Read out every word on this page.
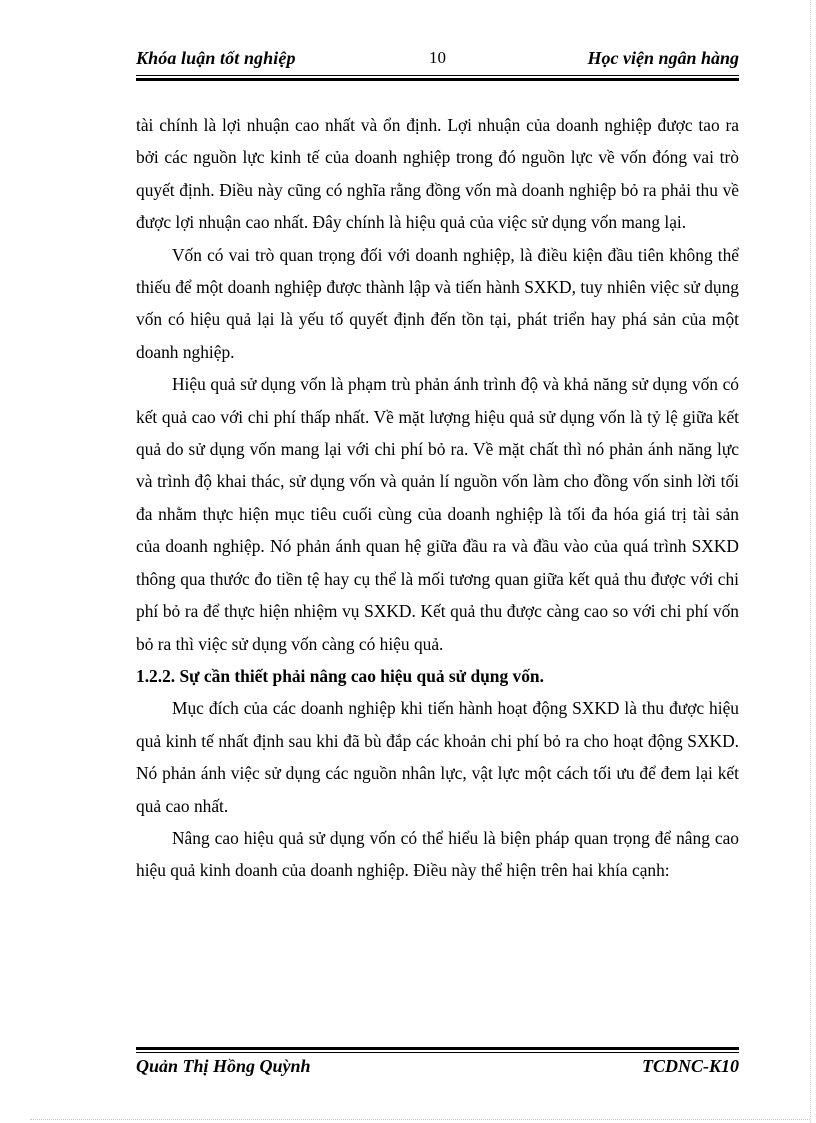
Khóa luận tốt nghiệp	10	Học viện ngân hàng

tài chính là lợi nhuận cao nhất và ổn định. Lợi nhuận của doanh nghiệp được tao ra bởi các nguồn lực kinh tế của doanh nghiệp trong đó nguồn lực về vốn đóng vai trò quyết định. Điều này cũng có nghĩa rằng đồng vốn mà doanh nghiệp bỏ ra phải thu về được lợi nhuận cao nhất. Đây chính là hiệu quả của việc sử dụng vốn mang lại.

Vốn có vai trò quan trọng đối với doanh nghiệp, là điều kiện đầu tiên không thể thiếu để một doanh nghiệp được thành lập và tiến hành SXKD, tuy nhiên việc sử dụng vốn có hiệu quả lại là yếu tố quyết định đến tồn tại, phát triển hay phá sản của một doanh nghiệp.

Hiệu quả sử dụng vốn là phạm trù phản ánh trình độ và khả năng sử dụng vốn có kết quả cao với chi phí thấp nhất. Về mặt lượng hiệu quả sử dụng vốn là tỷ lệ giữa kết quả do sử dụng vốn mang lại với chi phí bỏ ra. Về mặt chất thì nó phản ánh năng lực và trình độ khai thác, sử dụng vốn và quản lí nguồn vốn làm cho đồng vốn sinh lời tối đa nhằm thực hiện mục tiêu cuối cùng của doanh nghiệp là tối đa hóa giá trị tài sản của doanh nghiệp. Nó phản ánh quan hệ giữa đầu ra và đầu vào của quá trình SXKD thông qua thước đo tiền tệ hay cụ thể là mối tương quan giữa kết quả thu được với chi phí bỏ ra để thực hiện nhiệm vụ SXKD. Kết quả thu được càng cao so với chi phí vốn bỏ ra thì việc sử dụng vốn càng có hiệu quả.

1.2.2. Sự cần thiết phải nâng cao hiệu quả sử dụng vốn.

Mục đích của các doanh nghiệp khi tiến hành hoạt động SXKD là thu được hiệu quả kinh tế nhất định sau khi đã bù đắp các khoản chi phí bỏ ra cho hoạt động SXKD. Nó phản ánh việc sử dụng các nguồn nhân lực, vật lực một cách tối ưu để đem lại kết quả cao nhất.

Nâng cao hiệu quả sử dụng vốn có thể hiểu là biện pháp quan trọng để nâng cao hiệu quả kinh doanh của doanh nghiệp. Điều này thể hiện trên hai khía cạnh:

Quản Thị Hồng Quỳnh	TCDNC-K10
